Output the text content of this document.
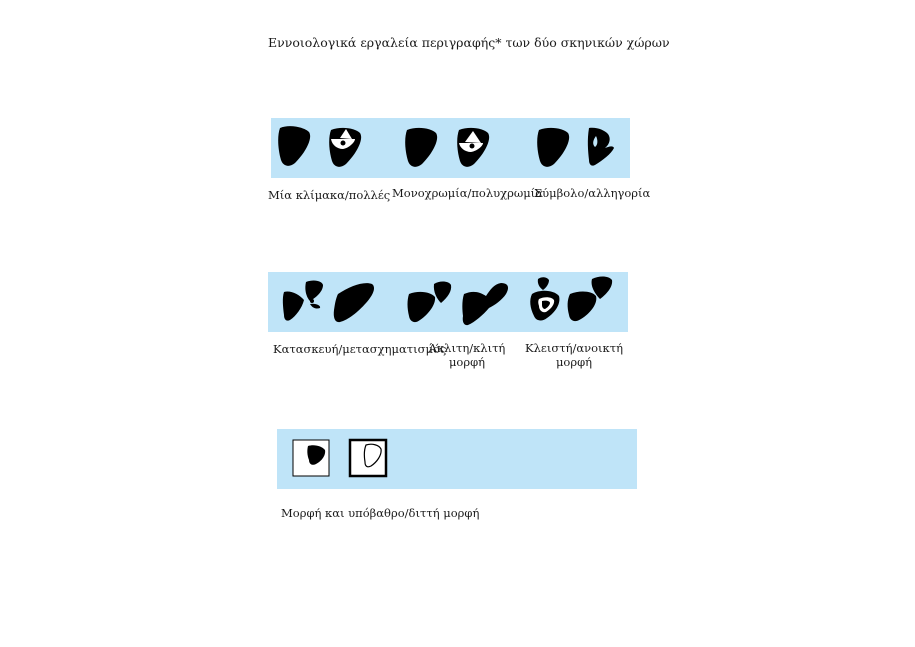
Εννοιολογικά εργαλεία περιγραφής* των δύο σκηνικών χώρων
Μία κλίμακα/πολλές Μονοχρωμία/πολυχρωμία
Σύμβολο/αλληγορία
Κατασκευή/μετασχηματισμός
Άκλιτη/κλιτή
μορφή
Κλειστή/ανοικτή
μορφή
Μορφή και υπόβαθρο/διττή μορφή
